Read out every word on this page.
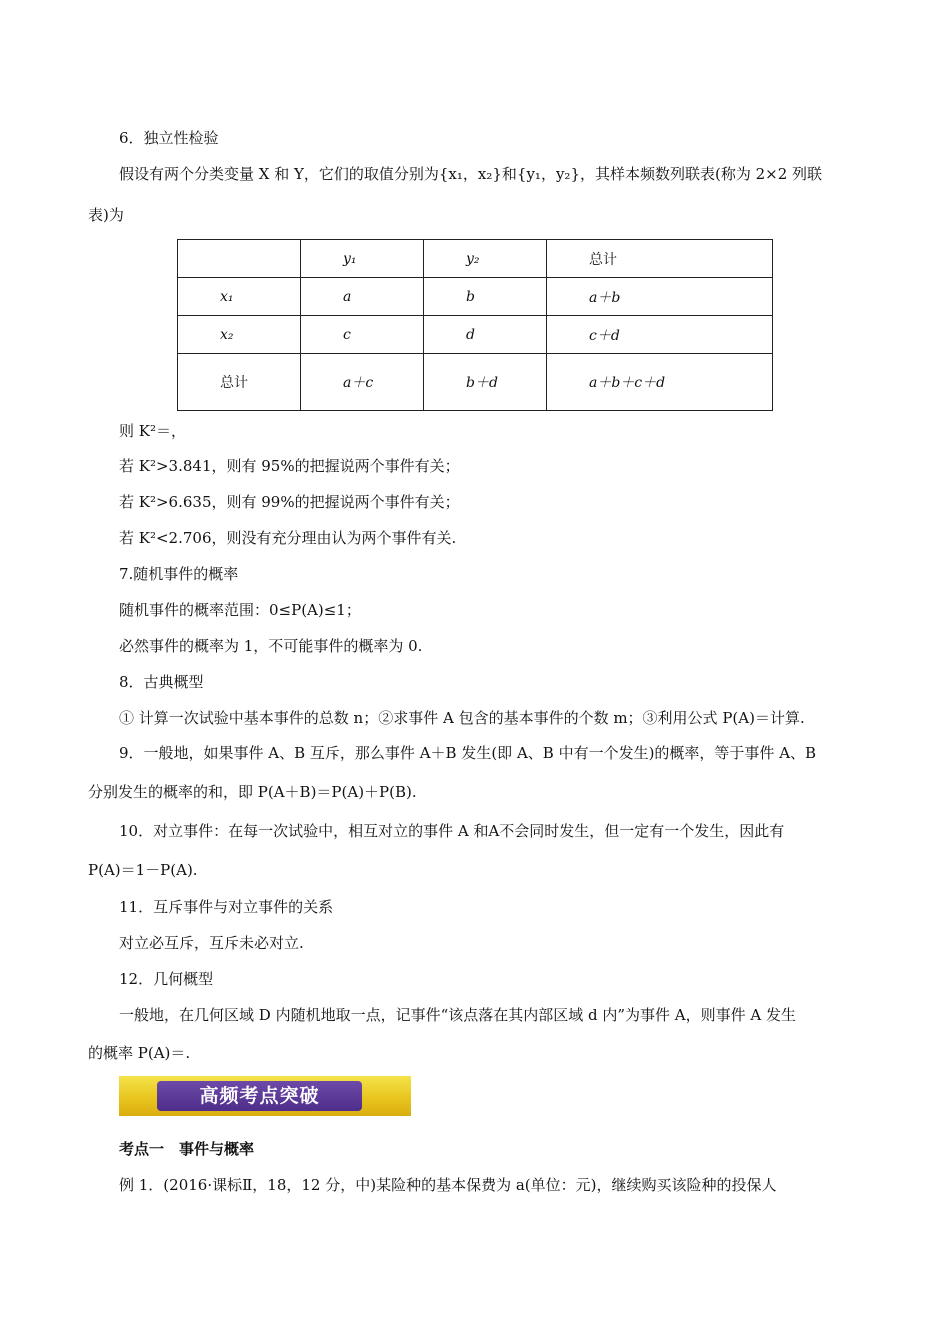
6．独立性检验
假设有两个分类变量 X 和 Y，它们的取值分别为{x₁，x₂}和{y₁，y₂}，其样本频数列联表(称为 2×2 列联
表)为
	y₁	y₂	总计
x₁	a	b	a＋b
x₂	c	d	c＋d
总计	a＋c	b＋d	a＋b＋c＋d
则 K²＝，
若 K²>3.841，则有 95%的把握说两个事件有关；
若 K²>6.635，则有 99%的把握说两个事件有关；
若 K²<2.706，则没有充分理由认为两个事件有关.
7.随机事件的概率
随机事件的概率范围：0≤P(A)≤1；
必然事件的概率为 1，不可能事件的概率为 0.
8．古典概型
① 计算一次试验中基本事件的总数 n；②求事件 A 包含的基本事件的个数 m；③利用公式 P(A)＝计算.
9．一般地，如果事件 A、B 互斥，那么事件 A＋B 发生(即 A、B 中有一个发生)的概率，等于事件 A、B
分别发生的概率的和，即 P(A＋B)＝P(A)＋P(B).
10．对立事件：在每一次试验中，相互对立的事件 A 和A不会同时发生，但一定有一个发生，因此有
P(A)＝1－P(A).
11．互斥事件与对立事件的关系
对立必互斥，互斥未必对立.
12．几何概型
一般地，在几何区域 D 内随机地取一点，记事件“该点落在其内部区域 d 内”为事件 A，则事件 A 发生
的概率 P(A)＝.
高频考点突破
考点一　事件与概率
例 1．(2016·课标Ⅱ，18，12 分，中)某险种的基本保费为 a(单位：元)，继续购买该险种的投保人
